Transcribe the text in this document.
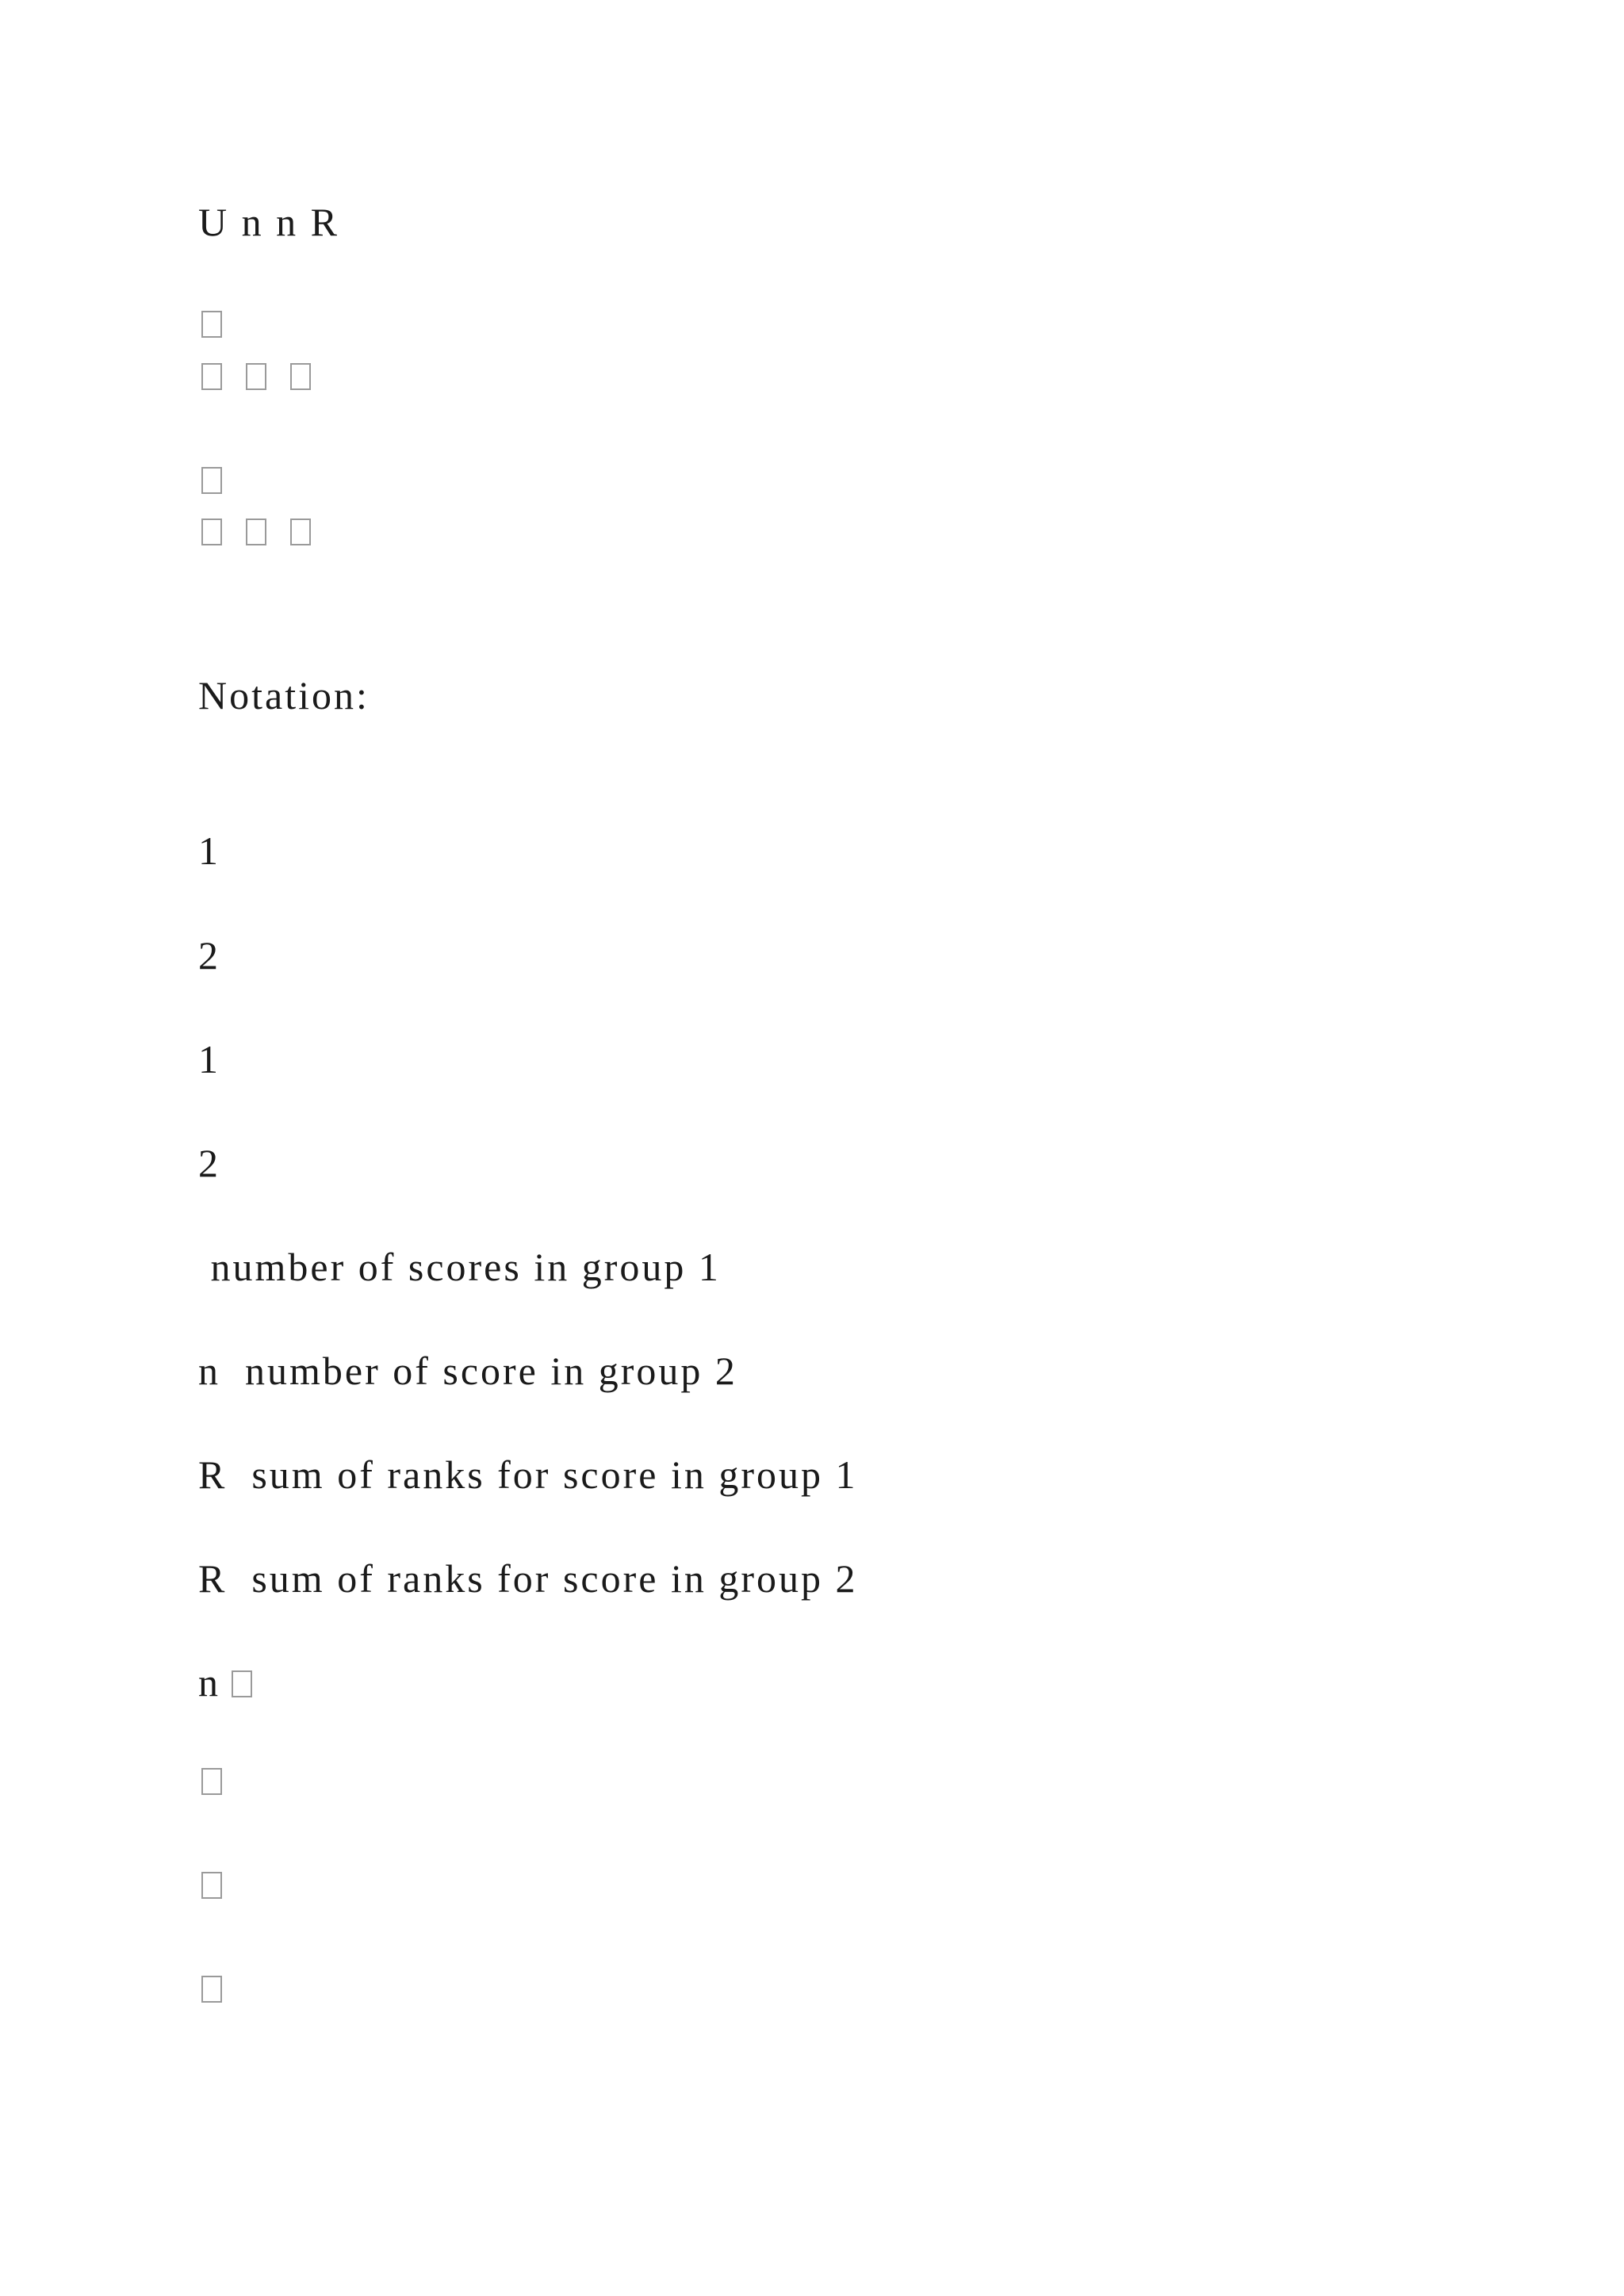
U n n R
Notation:
1
2
1
2
number of scores in group 1
n  number of score in group 2
R  sum of ranks for score in group 1
R  sum of ranks for score in group 2
n
